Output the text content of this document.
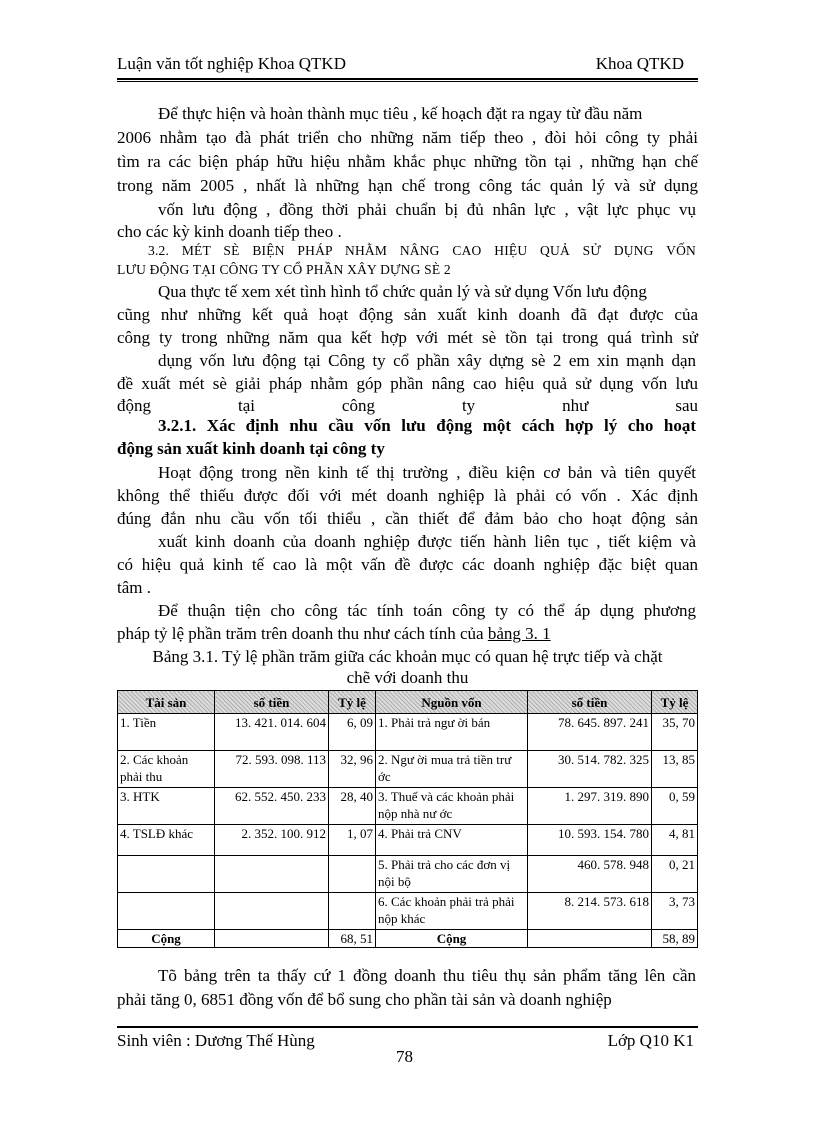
Luận văn tốt nghiệp Khoa QTKD	Khoa QTKD
Để thực hiện và hoàn thành mục tiêu , kế hoạch đặt ra ngay từ đầu năm
2006 nhằm tạo đà phát triển cho những năm tiếp theo , đòi hỏi công ty phải
tìm ra các biện pháp hữu hiệu nhằm khắc phục những tồn tại , những hạn chế
trong năm 2005 , nhất là những hạn chế trong công tác quản lý và sử dụng
vốn lưu động , đồng thời phải chuẩn bị đủ nhân lực , vật lực phục vụ
cho các kỳ kinh doanh tiếp theo .
3.2. MÉT SÈ BIỆN PHÁP NHẰM NÂNG CAO HIỆU QUẢ SỬ DỤNG VỐN
LƯU ĐỘNG TẠI CÔNG TY CỔ PHẦN XÂY DỰNG SÈ 2
Qua thực tế xem xét tình hình tổ chức quản lý và sử dụng Vốn lưu động
cũng như những kết quả hoạt động sản xuất kinh doanh đã đạt được của
công ty trong những năm qua kết hợp với mét sè tồn tại trong quá trình sử
dụng vốn lưu động tại Công ty cổ phần xây dựng sè 2 em xin mạnh dạn
đề xuất mét sè giải pháp nhằm góp phần nâng cao hiệu quả sử dụng vốn lưu
động tại công ty như sau
3.2.1. Xác định nhu cầu vốn lưu động một cách hợp lý cho hoạt
động sản xuất kinh doanh tại công ty
Hoạt động trong nền kinh tế thị trường , điều kiện cơ bản và tiên quyết
không thể thiếu được đối với mét doanh nghiệp là phải có vốn . Xác định
đúng đắn nhu cầu vốn tối thiểu , cần thiết để đảm bảo cho hoạt động sản
xuất kinh doanh của doanh nghiệp được tiến hành liên tục , tiết kiệm và
có hiệu quả kinh tế cao là một vấn đề được các doanh nghiệp đặc biệt quan
tâm .
Để thuận tiện cho công tác tính toán công ty có thể áp dụng phương
pháp tỷ lệ phần trăm trên doanh thu như cách tính của bảng 3. 1
Bảng 3.1. Tỷ lệ phần trăm giữa các khoản mục có quan hệ trực tiếp và chặt
chẽ với doanh thu
Tài sản	số tiền	Tỷ lệ	Nguồn vốn	số tiền	Tỷ lệ
1. Tiền	13. 421. 014. 604	6, 09	1. Phải trả ngư ời bán	78. 645. 897. 241	35, 70
2. Các khoản phải thu	72. 593. 098. 113	32, 96	2. Ngư ời mua trả tiền trư ớc	30. 514. 782. 325	13, 85
3. HTK	62. 552. 450. 233	28, 40	3. Thuế và các khoản phải nộp nhà nư ớc	1. 297. 319. 890	0, 59
4. TSLĐ khác	2. 352. 100. 912	1, 07	4. Phải trả CNV	10. 593. 154. 780	4, 81
			5. Phải trả cho các đơn vị nội bộ	460. 578. 948	0, 21
			6. Các khoản phải trả phải nộp khác	8. 214. 573. 618	3, 73
Cộng		68, 51	Cộng		58, 89
Tõ bảng trên ta thấy cứ 1 đồng doanh thu tiêu thụ sản phẩm tăng lên cần
phải tăng 0, 6851 đồng vốn để bổ sung cho phần tài sản và doanh nghiệp
Sinh viên : Dương Thế Hùng	Lớp Q10 K1
78
